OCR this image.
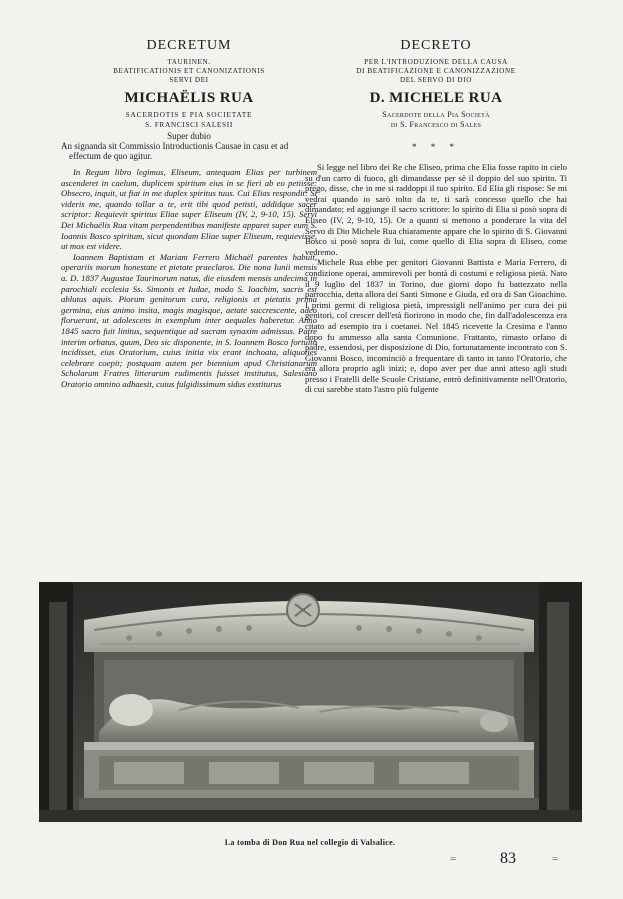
DECRETUM
TAURINEN.
BEATIFICATIONIS ET CANONIZATIONIS
SERVI DEI
MICHAËLIS RUA
SACERDOTIS E PIA SOCIETATE
S. FRANCISCI SALESII
Super dubio

An signanda sit Commissio Introductionis Causae in casu et ad effectum de quo agitur.

In Regum libro legimus, Eliseum, antequam Elias per turbinem ascenderet in caelum, duplicem spiritum eius in se fieri ab eo petiisse: Obsecro, inquit, ut fiat in me duplex spiritus tuus. Cui Elias respondit: Si videris me, quando tollar a te, erit tibi quod petisti, addidque sacer scriptor: Requievit spiritus Eliae super Eliseum (IV, 2, 9-10, 15). Servi Dei Michaëlis Rua vitam perpendentibus manifeste apparet super eum S. Ioannis Bosco spiritum, sicut quondam Eliae super Eliseum, requievisse, ut mox est videre.

Ioannem Baptistam et Mariam Ferrero Michaël parentes habuit, operariis morum honestate et pietate praeclaros. Die nona Iunii mensis a. D. 1837 Augustae Taurinorum natus, die eiusdem mensis undecima in parochiali ecclesia Ss. Simonis et Iudae, modo S. Ioachim, sacris est ablutus aquis. Piorum genitorum cura, religionis et pietatis prima germina, eius animo insita, magis magisque, aetate succrescente, adeo floruerunt, ut adolescens in exemplum inter aequales haberetur. Anno 1845 sacro fuit linitus, sequentique ad sacram synaxim admissus. Patre interim orbatus, quum, Deo sic disponente, in S. Ioannem Bosco fortuito incidisset, eius Oratorium, cuius initia vix erant inchoata, aliquoties celebrare coepit; postquam autem per biennium apud Christianarum Scholarum Fratres litterarum rudimentis fuisset institutus, Salesiano Oratorio omnino adhaesit, cuius fulgidissimum sidus exstiturus

DECRETO
PER L'INTRODUZIONE DELLA CAUSA
DI BEATIFICAZIONE E CANONIZZAZIONE
DEL SERVO DI DIO
D. MICHELE RUA
Sacerdote della Pia Società
di S. Francesco di Sales
* * *

Si legge nel libro dei Re che Eliseo, prima che Elia fosse rapito in cielo su d'un carro di fuoco, gli dimandasse per sè il doppio del suo spirito. Ti prego, disse, che in me si raddoppi il tuo spirito. Ed Elia gli rispose: Se mi vedrai quando io sarò tolto da te, ti sarà concesso quello che hai dimandato; ed aggiunge il sacro scrittore: lo spirito di Elia si posò sopra di Eliseo (IV, 2, 9-10, 15). Or a quanti si mettono a ponderare la vita del Servo di Dio Michele Rua chiaramente appare che lo spirito di S. Giovanni Bosco si posò sopra di lui, come quello di Elia sopra di Eliseo, come vedremo.

Michele Rua ebbe per genitori Giovanni Battista e Maria Ferrero, di condizione operai, ammirevoli per bontà di costumi e religiosa pietà. Nato il 9 luglio del 1837 in Torino, due giorni dopo fu battezzato nella parrocchia, detta allora dei Santi Simone e Giuda, ed ora di San Gioachino. I primi germi di religiosa pietà, impressigli nell'animo per cura dei pii genitori, col crescer dell'età fiorirono in modo che, fin dall'adolescenza era citato ad esempio tra i coetanei. Nel 1845 ricevette la Cresima e l'anno dopo fu ammesso alla santa Comunione. Frattanto, rimasto orfano di padre, essendosi, per disposizione di Dio, fortunatamente incontrato con S. Giovanni Bosco, incominciò a frequentare di tanto in tanto l'Oratorio, che era allora proprio agli inizi; e, dopo aver per due anni atteso agli studi presso i Fratelli delle Scuole Cristiane, entrò definitivamente nell'Oratorio, di cui sarebbe stato l'astro più fulgente

La tomba di Don Rua nel collegio di Valsalice.
=	83	=
